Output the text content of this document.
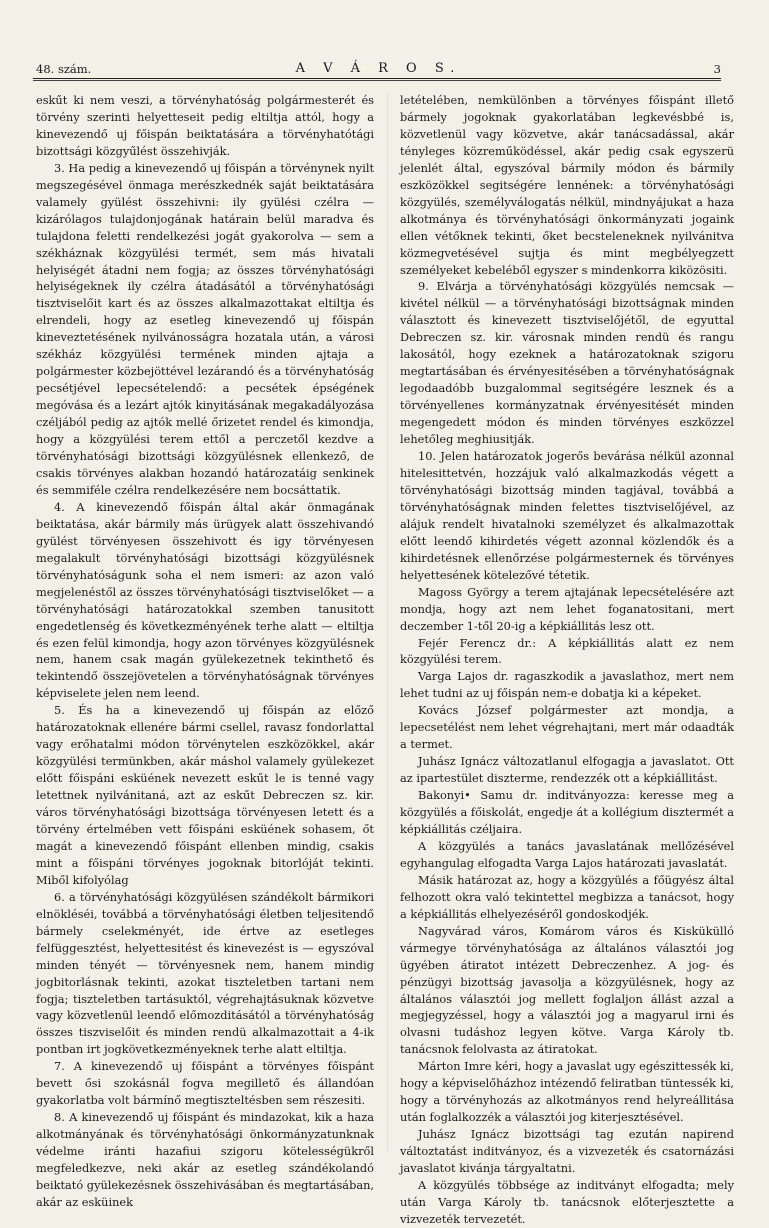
48. szám.	A V Á R O S.	3

eskűt ki nem veszi, a törvényhatóság polgármesterét és törvény szerinti helyetteseit pedig eltiltja attól, hogy a kinevezendő uj főispán beiktatására a törvényhatótági bizottsági közgyűlést összehivják.

3. Ha pedig a kinevezendő uj főispán a törvénynek nyilt megszegésével önmaga merészkednék saját beiktatására valamely gyülést összehivni: ily gyülési czélra — kizárólagos tulajdonjogának határain belül maradva és tulajdona feletti rendelkezési jogát gyakorolva — sem a székháznak közgyülési termét, sem más hivatali helyiségét átadni nem fogja; az összes törvényhatósági helyiségeknek ily czélra átadásától a törvényhatósági tisztviselőit kart és az összes alkalmazottakat eltiltja és elrendeli, hogy az esetleg kinevezendő uj főispán kineveztetésének nyilvánosságra hozatala után, a városi székház közgyülési termének minden ajtaja a polgármester közbejöttével lezárandó és a törvényhatóság pecsétjével lepecsételendő: a pecsétek épségének megóvása és a lezárt ajtók kinyitásának megakadályozása czéljából pedig az ajtók mellé őrizetet rendel és kimondja, hogy a közgyülési terem ettől a perczetől kezdve a törvényhatósági bizottsági közgyülésnek ellenkező, de csakis törvényes alakban hozandó határozatáig senkinek és semmiféle czélra rendelkezésére nem bocsáttatik.

4. A kinevezendő főispán által akár önmagának beiktatása, akár bármily más ürügyek alatt összehivandó gyülést törvényesen összehivott és igy törvényesen megalakult törvényhatósági bizottsági közgyülésnek törvényhatóságunk soha el nem ismeri: az azon való megjelenéstől az összes törvényhatósági tisztviselőket — a törvényhatósági határozatokkal szemben tanusitott engedetlenség és következményének terhe alatt — eltiltja és ezen felül kimondja, hogy azon törvényes közgyülésnek nem, hanem csak magán gyülekezetnek tekinthető és tekintendő összejövetelen a törvényhatóságnak törvényes képviselete jelen nem leend.

5. És ha a kinevezendő uj főispán az előző határozatoknak ellenére bármi csellel, ravasz fondorlattal vagy erőhatalmi módon törvénytelen eszközökkel, akár közgyülési termünkben, akár máshol valamely gyülekezet előtt főispáni esküének nevezett eskűt le is tenné vagy letettnek nyilvánitaná, azt az eskűt Debreczen sz. kir. város törvényhatósági bizottsága törvényesen letett és a törvény értelmében vett főispáni esküének sohasem, őt magát a kinevezendő főispánt ellenben mindig, csakis mint a főispáni törvényes jogoknak bitorlóját tekinti. Miből kifolyólag

6. a törvényhatósági közgyülésen szándékolt bármikori elnökléséi, továbbá a törvényhatósági életben teljesitendő bármely cselekményét, ide értve az esetleges felfüggesztést, helyettesitést és kinevezést is — egyszóval minden tényét — törvényesnek nem, hanem mindig jogbitorlásnak tekinti, azokat tiszteletben tartani nem fogja; tiszteletben tartásuktól, végrehajtásuknak közvetve vagy közvetlenül leendő előmozditásától a törvényhatóság összes tiszviselőit és minden rendü alkalmazottait a 4-ik pontban irt jogkövetkezményeknek terhe alatt eltiltja.

7. A kinevezendő uj főispánt a törvényes főispánt bevett ősi szokásnál fogva megillető és állandóan gyakorlatba volt bármínő megtiszteltésben sem részesiti.

8. A kinevezendő uj főispánt és mindazokat, kik a haza alkotmányának és törvényhatósági önkormányzatunknak védelme iránti hazafiui szigoru kötelességükről megfeledkezve, neki akár az esetleg szándékolandó beiktató gyülekezésnek összehivásában és megtartásában, akár az esküinek

letételében, nemkülönben a törvényes főispánt illető bármely jogoknak gyakorlatában legkevésbbé is, közvetlenül vagy közvetve, akár tanácsadással, akár tényleges közreműködéssel, akár pedig csak egyszerü jelenlét által, egyszóval bármily módon és bármily eszközökkel segitségére lennének: a törvényhatósági közgyülés, személyválogatás nélkül, mindnyájukat a haza alkotmánya és törvényhatósági önkormányzati jogaink ellen vétőknek tekinti, őket becsteleneknek nyilvánitva közmegvetésével sujtja és mint megbélyegzett személyeket kebeléből egyszer s mindenkorra kiközösiti.

9. Elvárja a törvényhatósági közgyülés nemcsak — kivétel nélkül — a törvényhatósági bizottságnak minden választott és kinevezett tisztviselőjétől, de egyuttal Debreczen sz. kir. városnak minden rendü és rangu lakosától, hogy ezeknek a határozatoknak szigoru megtartásában és érvényesitésében a törvényhatóságnak legodaadóbb buzgalommal segitségére lesznek és a törvényellenes kormányzatnak érvényesitését minden megengedett módon és minden törvényes eszközzel lehetőleg meghiusitják.

10. Jelen határozatok jogerős bevárása nélkül azonnal hitelesittetvén, hozzájuk való alkalmazkodás végett a törvényhatósági bizottság minden tagjával, továbbá a törvényhatóságnak minden felettes tisztviselőjével, az alájuk rendelt hivatalnoki személyzet és alkalmazottak előtt leendő kihirdetés végett azonnal közlendők és a kihirdetésnek ellenőrzése polgármesternek és törvényes helyettesének kötelezővé tétetik.

Magoss György a terem ajtajának lepecsételésére azt mondja, hogy azt nem lehet foganatositani, mert deczember 1-től 20-ig a képkiállitás lesz ott.

Fejér Ferencz dr.: A képkiállitás alatt ez nem közgyülési terem.

Varga Lajos dr. ragaszkodik a javaslathoz, mert nem lehet tudni az uj főispán nem-e dobatja ki a képeket.

Kovács József polgármester azt mondja, a lepecsetélést nem lehet végrehajtani, mert már odaadták a termet.

Juhász Ignácz változatlanul elfogagja a javaslatot. Ott az ipartestület diszterme, rendezzék ott a képkiállitást.

Bakonyi• Samu dr. inditványozza: keresse meg a közgyülés a főiskolát, engedje át a kollégium disztermét a képkiállitás czéljaira.

A közgyülés a tanács javaslatának mellőzésével egyhangulag elfogadta Varga Lajos határozati javaslatát.

Másik határozat az, hogy a közgyülés a főügyész által felhozott okra való tekintettel megbizza a tanácsot, hogy a képkiállitás elhelyezéséről gondoskodjék.

Nagyvárad város, Komárom város és Kiskükülló vármegye törvényhatósága az általános választói jog ügyében átiratot intézett Debreczenhez. A jog- és pénzügyi bizottság javasolja a közgyülésnek, hogy az általános választói jog mellett foglaljon állást azzal a megjegyzéssel, hogy a választói jog a magyarul irni és olvasni tudáshoz legyen kötve. Varga Károly tb. tanácsnok felolvasta az átiratokat.

Márton Imre kéri, hogy a javaslat ugy egészittessék ki, hogy a képviselőházhoz intézendő feliratban tüntessék ki, hogy a törvényhozás az alkotmányos rend helyreállitása után foglalkozzék a választói jog kiterjesztésével.

Juhász Ignácz bizottsági tag ezután napirend változtatást inditványoz, és a vizvezeték és csatornázási javaslatot kivánja tárgyaltatni.

A közgyülés többsége az inditványt elfogadta; mely után Varga Károly tb. tanácsnok előterjesztette a vizvezeték tervezetét.
